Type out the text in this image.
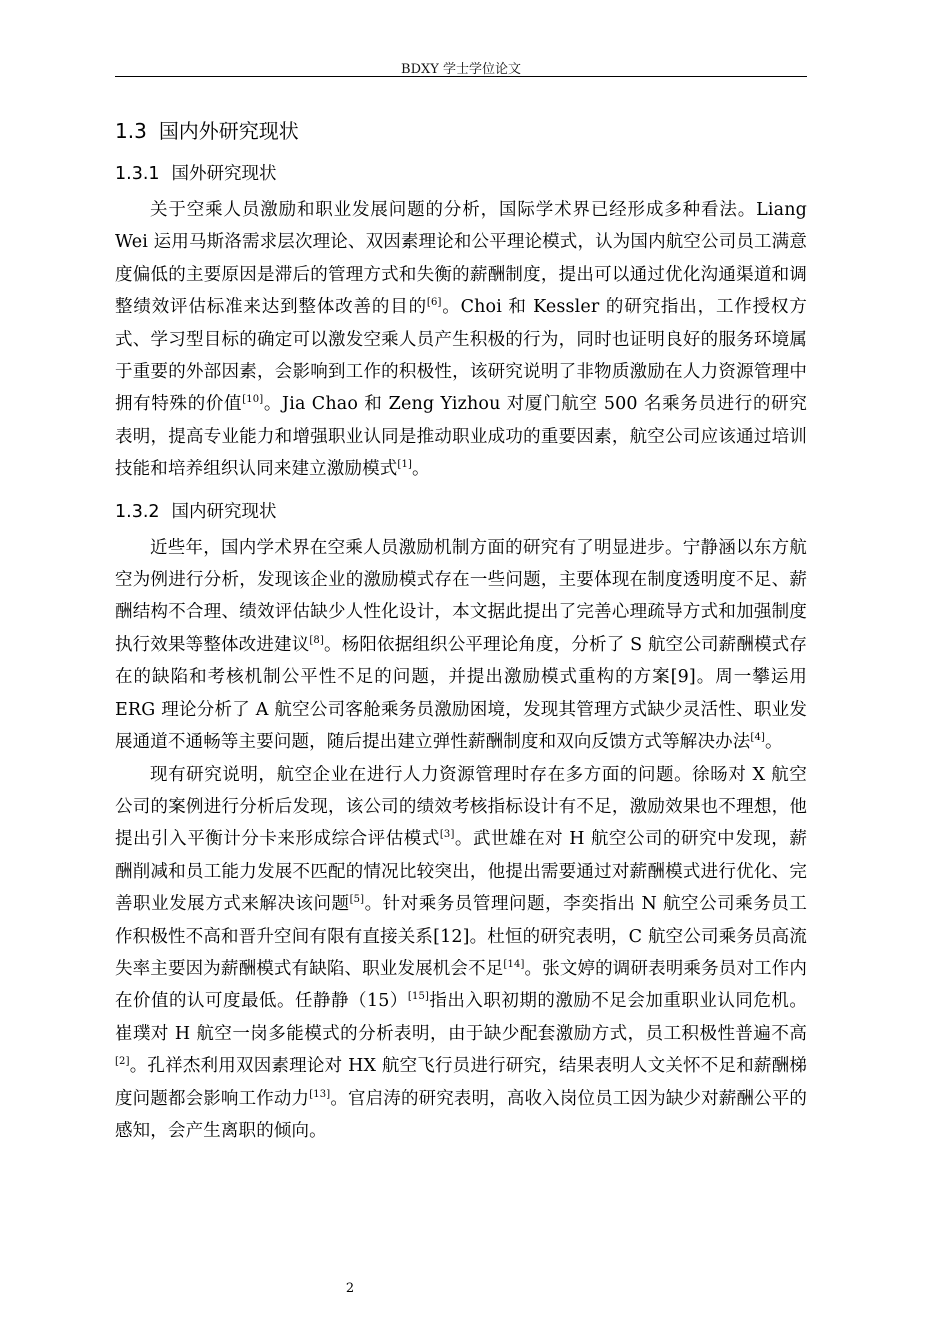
BDXY 学士学位论文
1.3 国内外研究现状
1.3.1 国外研究现状

关于空乘人员激励和职业发展问题的分析，国际学术界已经形成多种看法。Liang Wei 运用马斯洛需求层次理论、双因素理论和公平理论模式，认为国内航空公司员工满意度偏低的主要原因是滞后的管理方式和失衡的薪酬制度，提出可以通过优化沟通渠道和调整绩效评估标准来达到整体改善的目的[6]。Choi 和 Kessler 的研究指出，工作授权方式、学习型目标的确定可以激发空乘人员产生积极的行为，同时也证明良好的服务环境属于重要的外部因素，会影响到工作的积极性，该研究说明了非物质激励在人力资源管理中拥有特殊的价值[10]。Jia Chao 和 Zeng Yizhou 对厦门航空 500 名乘务员进行的研究表明，提高专业能力和增强职业认同是推动职业成功的重要因素，航空公司应该通过培训技能和培养组织认同来建立激励模式[1]。

1.3.2 国内研究现状

近些年，国内学术界在空乘人员激励机制方面的研究有了明显进步。宁静涵以东方航空为例进行分析，发现该企业的激励模式存在一些问题，主要体现在制度透明度不足、薪酬结构不合理、绩效评估缺少人性化设计，本文据此提出了完善心理疏导方式和加强制度执行效果等整体改进建议[8]。杨阳依据组织公平理论角度，分析了 S 航空公司薪酬模式存在的缺陷和考核机制公平性不足的问题，并提出激励模式重构的方案[9]。周一攀运用 ERG 理论分析了 A 航空公司客舱乘务员激励困境，发现其管理方式缺少灵活性、职业发展通道不通畅等主要问题，随后提出建立弹性薪酬制度和双向反馈方式等解决办法[4]。

现有研究说明，航空企业在进行人力资源管理时存在多方面的问题。徐旸对 X 航空公司的案例进行分析后发现，该公司的绩效考核指标设计有不足，激励效果也不理想，他提出引入平衡计分卡来形成综合评估模式[3]。武世雄在对 H 航空公司的研究中发现，薪酬削减和员工能力发展不匹配的情况比较突出，他提出需要通过对薪酬模式进行优化、完善职业发展方式来解决该问题[5]。针对乘务员管理问题，李奕指出 N 航空公司乘务员工作积极性不高和晋升空间有限有直接关系[12]。杜恒的研究表明，C 航空公司乘务员高流失率主要因为薪酬模式有缺陷、职业发展机会不足[14]。张文婷的调研表明乘务员对工作内在价值的认可度最低。任静静（15）[15]指出入职初期的激励不足会加重职业认同危机。崔璞对 H 航空一岗多能模式的分析表明，由于缺少配套激励方式，员工积极性普遍不高[2]。孔祥杰利用双因素理论对 HX 航空飞行员进行研究，结果表明人文关怀不足和薪酬梯度问题都会影响工作动力[13]。官启涛的研究表明，高收入岗位员工因为缺少对薪酬公平的感知，会产生离职的倾向。

2
